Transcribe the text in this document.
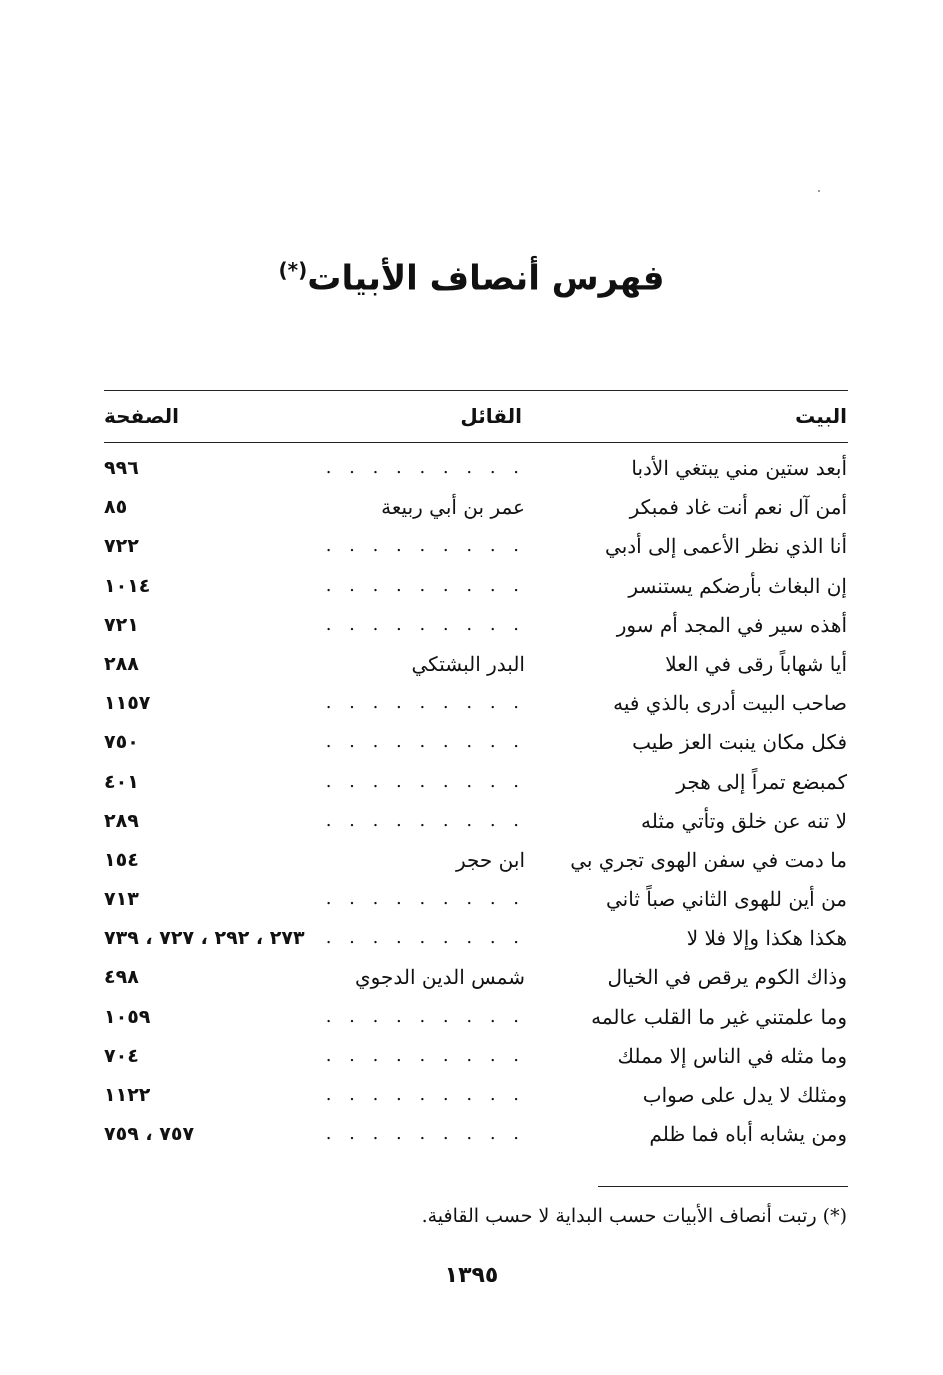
فهرس أنصاف الأبيات(*)
البيت
القائل
الصفحة
أبعد ستين مني يبتغي الأدبا
. . . . . . . . .
٩٩٦
أمن آل نعم أنت غاد فمبكر
عمر بن أبي ربيعة
٨٥
أنا الذي نظر الأعمى إلى أدبي
. . . . . . . . .
٧٢٢
إن البغاث بأرضكم يستنسر
. . . . . . . . .
١٠١٤
أهذه سير في المجد أم سور
. . . . . . . . .
٧٢١
أيا شهاباً رقى في العلا
البدر البشتكي
٢٨٨
صاحب البيت أدرى بالذي فيه
. . . . . . . . .
١١٥٧
فكل مكان ينبت العز طيب
. . . . . . . . .
٧٥٠
كمبضع تمراً إلى هجر
. . . . . . . . .
٤٠١
لا تنه عن خلق وتأتي مثله
. . . . . . . . .
٢٨٩
ما دمت في سفن الهوى تجري بي
ابن حجر
١٥٤
من أين للهوى الثاني صباً ثاني
. . . . . . . . .
٧١٣
هكذا هكذا وإلا فلا لا
. . . . . . . . .
٢٧٣ ، ٢٩٢ ، ٧٢٧ ، ٧٣٩
وذاك الكوم يرقص في الخيال
شمس الدين الدجوي
٤٩٨
وما علمتني غير ما القلب عالمه
. . . . . . . . .
١٠٥٩
وما مثله في الناس إلا مملك
. . . . . . . . .
٧٠٤
ومثلك لا يدل على صواب
. . . . . . . . .
١١٢٢
ومن يشابه أباه فما ظلم
. . . . . . . . .
٧٥٧ ، ٧٥٩
(*) رتبت أنصاف الأبيات حسب البداية لا حسب القافية.
١٣٩٥
